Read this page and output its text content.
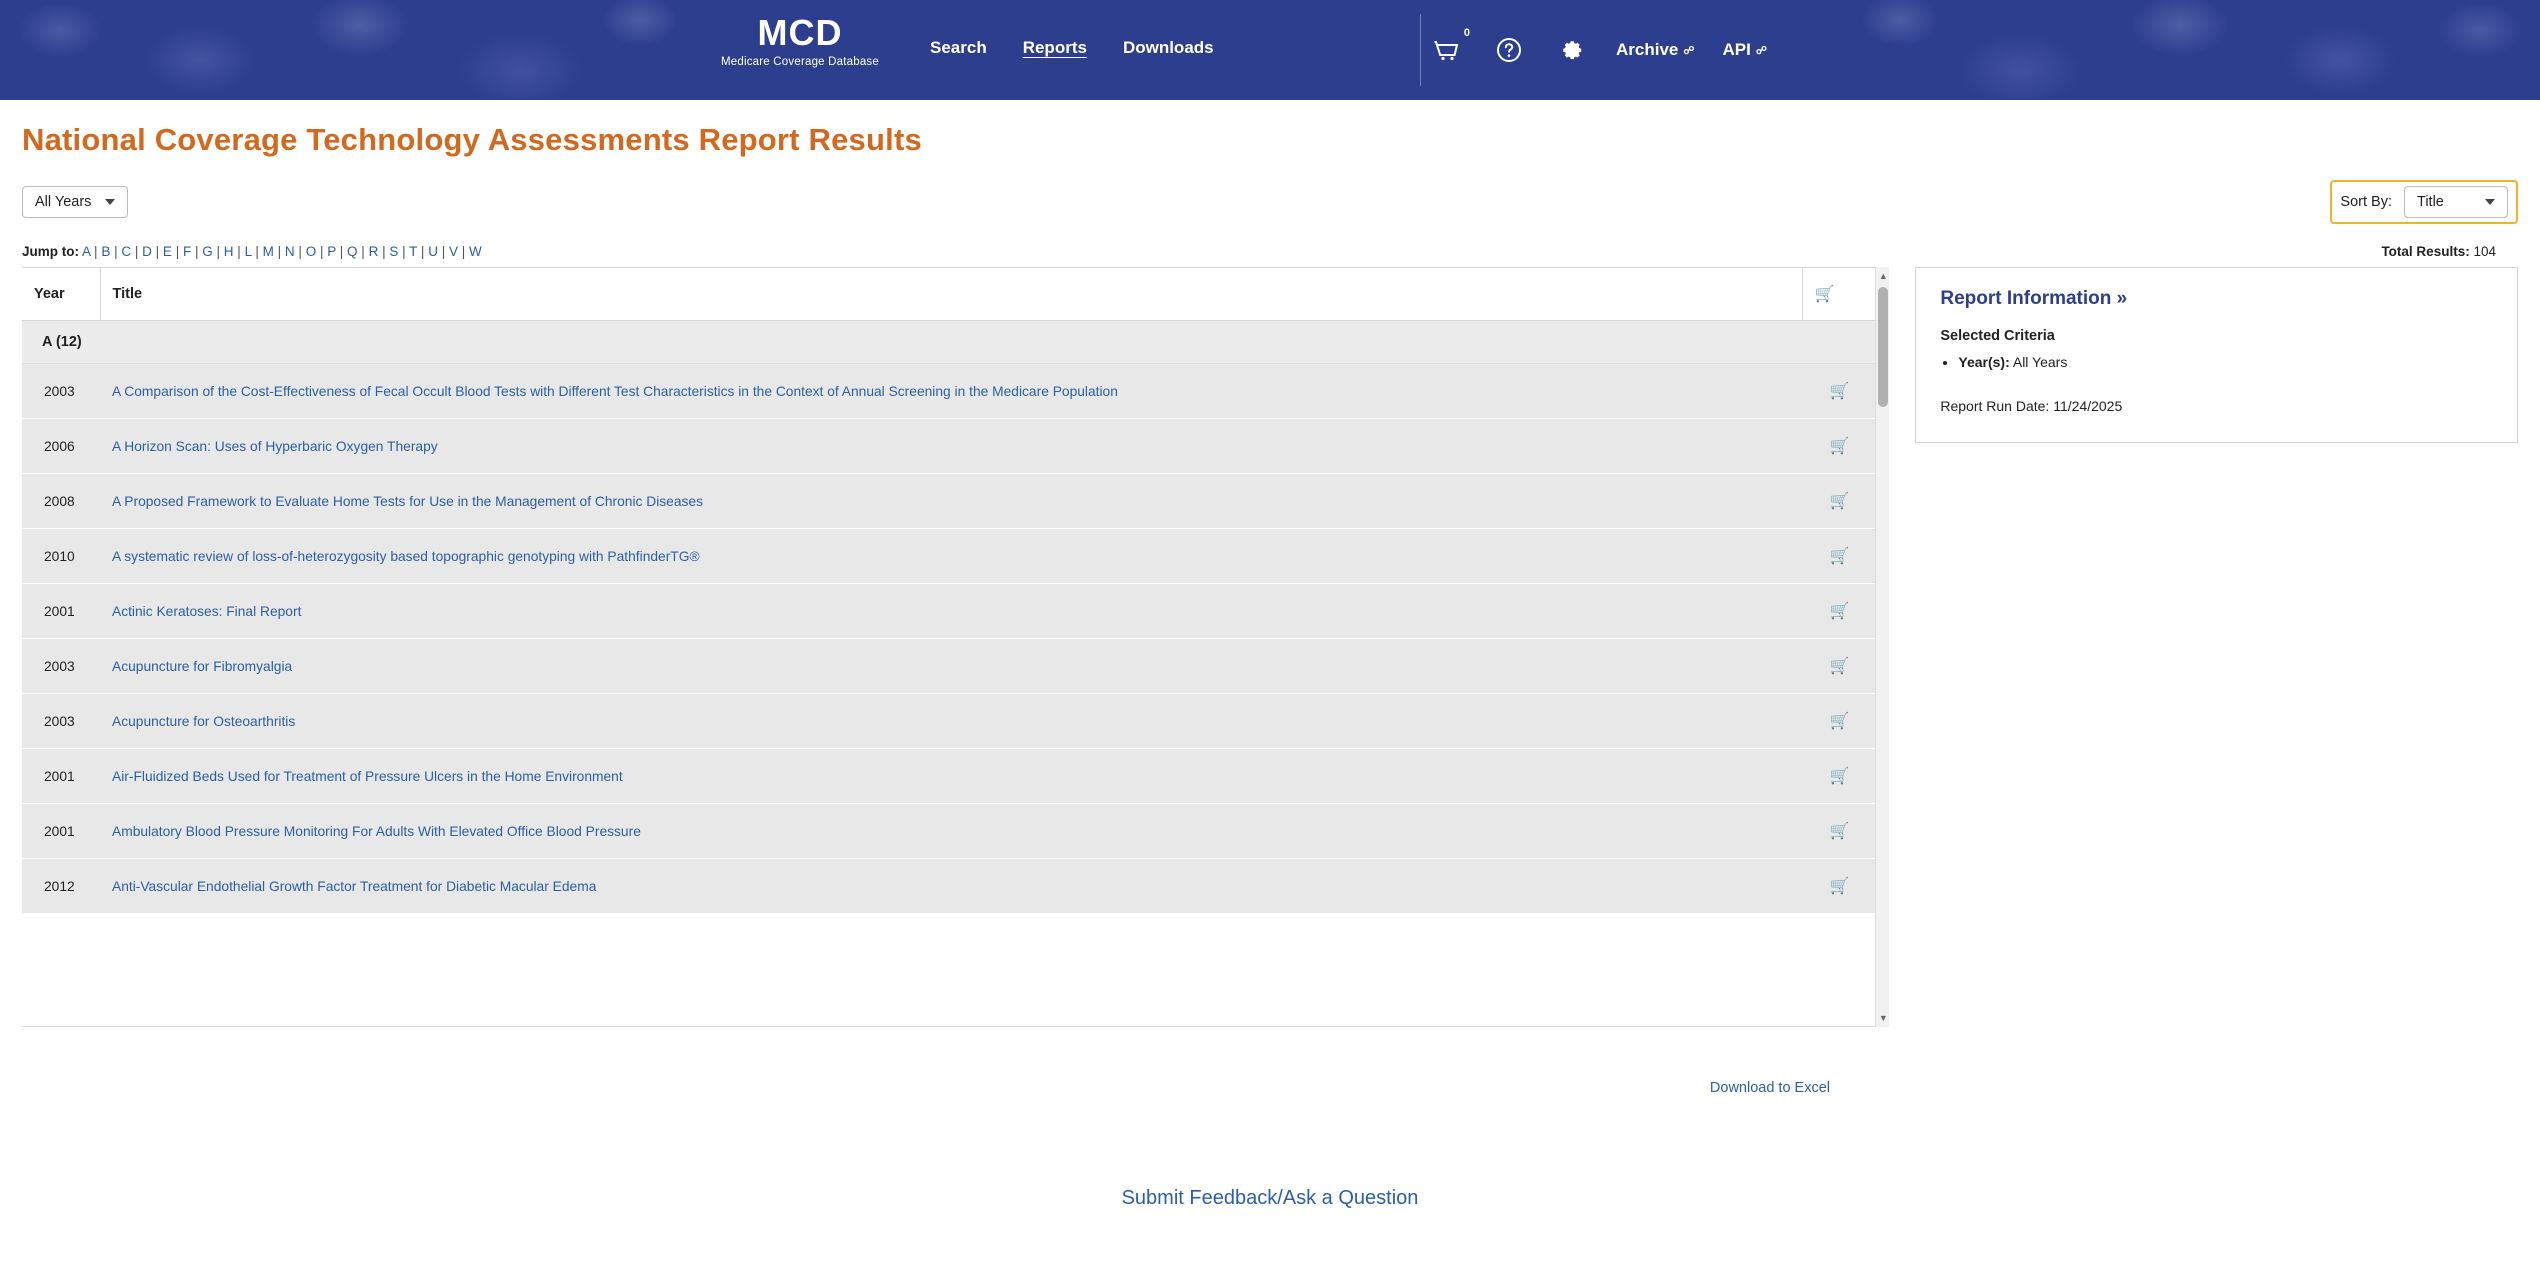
MCD
Medicare Coverage Database
Search Reports Downloads
0
Archive ☍ API ☍
National Coverage Technology Assessments Report Results
All Years	Sort By: Title
Jump to: A | B | C | D | E | F | G | H | L | M | N | O | P | Q | R | S | T | U | V | W	Total Results: 104
Year	Title	🛒
A (12)		
2003	A Comparison of the Cost-Effectiveness of Fecal Occult Blood Tests with Different Test Characteristics in the Context of Annual Screening in the Medicare Population	🛒
2006	A Horizon Scan: Uses of Hyperbaric Oxygen Therapy	🛒
2008	A Proposed Framework to Evaluate Home Tests for Use in the Management of Chronic Diseases	🛒
2010	A systematic review of loss-of-heterozygosity based topographic genotyping with PathfinderTG®	🛒
2001	Actinic Keratoses: Final Report	🛒
2003	Acupuncture for Fibromyalgia	🛒
2003	Acupuncture for Osteoarthritis	🛒
2001	Air-Fluidized Beds Used for Treatment of Pressure Ulcers in the Home Environment	🛒
2001	Ambulatory Blood Pressure Monitoring For Adults With Elevated Office Blood Pressure	🛒
2012	Anti-Vascular Endothelial Growth Factor Treatment for Diabetic Macular Edema	🛒
▲
▼
Report Information »
Selected Criteria
• Year(s): All Years
Report Run Date: 11/24/2025
Download to Excel
Submit Feedback/Ask a Question
